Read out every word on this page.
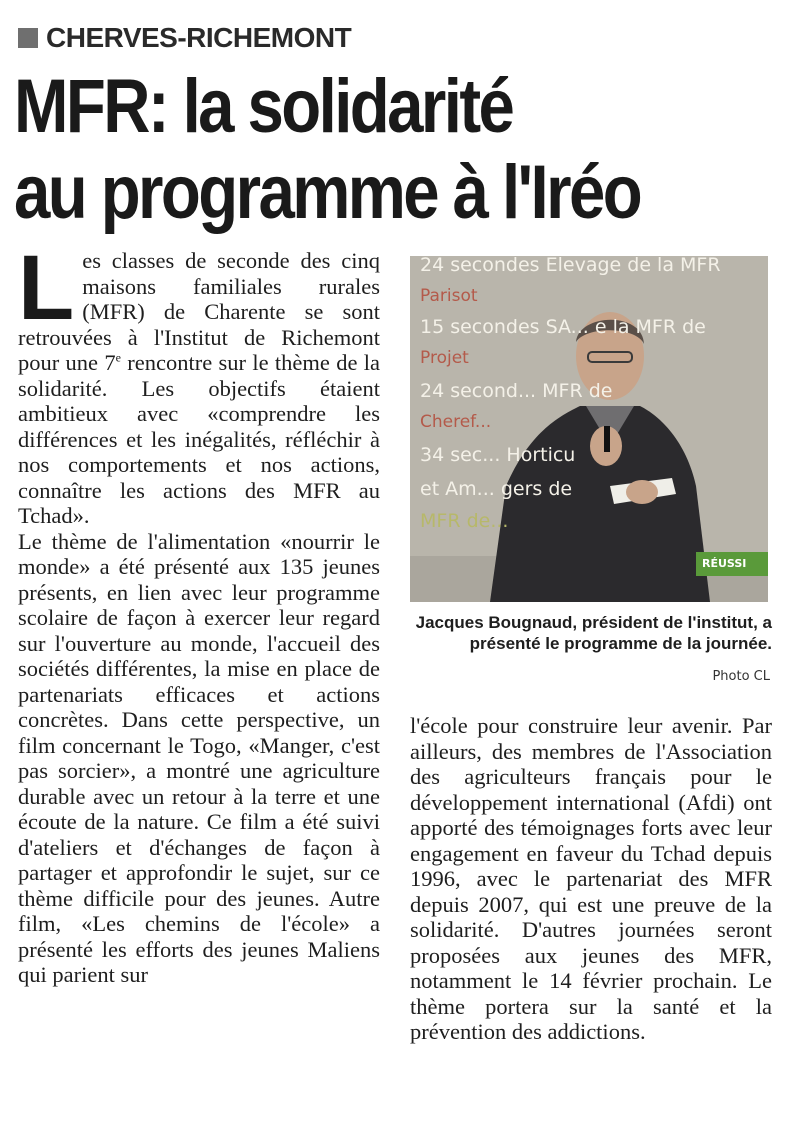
CHERVES-RICHEMONT
MFR: la solidarité
au programme à l'Iréo

Les classes de seconde des cinq maisons familiales rurales (MFR) de Charente se sont retrouvées à l'Institut de Richemont pour une 7e rencontre sur le thème de la solidarité. Les objectifs étaient ambitieux avec «comprendre les différences et les inégalités, réfléchir à nos comportements et nos actions, connaître les actions des MFR au Tchad».

Le thème de l'alimentation «nourrir le monde» a été présenté aux 135 jeunes présents, en lien avec leur programme scolaire de façon à exercer leur regard sur l'ouverture au monde, l'accueil des sociétés différentes, la mise en place de partenariats efficaces et actions concrètes. Dans cette perspective, un film concernant le Togo, «Manger, c'est pas sorcier», a montré une agriculture durable avec un retour à la terre et une écoute de la nature. Ce film a été suivi d'ateliers et d'échanges de façon à partager et approfondir le sujet, sur ce thème difficile pour des jeunes. Autre film, «Les chemins de l'école» a présenté les efforts des jeunes Maliens qui parient sur

24 secondes Elevage de la MFR
Parisot
15 secondes SA... e la MFR de
Projet
24 second... MFR de
Cheref...
34 sec... Horticu
et Am... gers de
MFR de...
RÉUSSI
Jacques Bougnaud, président de l'institut, a présenté le programme de la journée.
Photo CL

l'école pour construire leur avenir. Par ailleurs, des membres de l'Association des agriculteurs français pour le développement international (Afdi) ont apporté des témoignages forts avec leur engagement en faveur du Tchad depuis 1996, avec le partenariat des MFR depuis 2007, qui est une preuve de la solidarité. D'autres journées seront proposées aux jeunes des MFR, notamment le 14 février prochain. Le thème portera sur la santé et la prévention des addictions.
